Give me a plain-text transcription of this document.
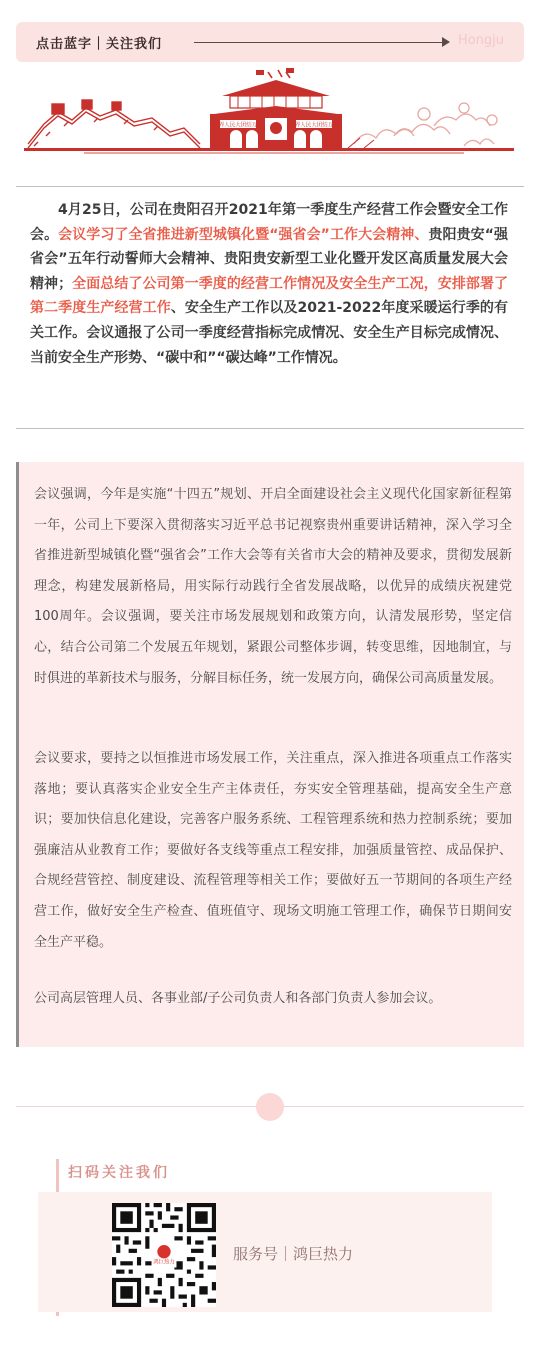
点击蓝字｜关注我们	Hongju
世界人民大团结万岁	世界人民大团结万岁
4月25日，公司在贵阳召开2021年第一季度生产经营工作会暨安全工作会。会议学习了全省推进新型城镇化暨“强省会”工作大会精神、贵阳贵安“强省会”五年行动誓师大会精神、贵阳贵安新型工业化暨开发区高质量发展大会精神；全面总结了公司第一季度的经营工作情况及安全生产工况，安排部署了第二季度生产经营工作、安全生产工作以及2021-2022年度采暖运行季的有关工作。会议通报了公司一季度经营指标完成情况、安全生产目标完成情况、当前安全生产形势、“碳中和”“碳达峰”工作情况。

会议强调，今年是实施“十四五”规划、开启全面建设社会主义现代化国家新征程第一年，公司上下要深入贯彻落实习近平总书记视察贵州重要讲话精神，深入学习全省推进新型城镇化暨“强省会”工作大会等有关省市大会的精神及要求，贯彻发展新理念，构建发展新格局，用实际行动践行全省发展战略，以优异的成绩庆祝建党100周年。会议强调，要关注市场发展规划和政策方向，认清发展形势，坚定信心，结合公司第二个发展五年规划，紧跟公司整体步调，转变思维，因地制宜，与时俱进的革新技术与服务，分解目标任务，统一发展方向，确保公司高质量发展。

会议要求，要持之以恒推进市场发展工作，关注重点，深入推进各项重点工作落实落地；要认真落实企业安全生产主体责任，夯实安全管理基础，提高安全生产意识；要加快信息化建设，完善客户服务系统、工程管理系统和热力控制系统；要加强廉洁从业教育工作；要做好各支线等重点工程安排，加强质量管控、成品保护、合规经营管控、制度建设、流程管理等相关工作；要做好五一节期间的各项生产经营工作，做好安全生产检查、值班值守、现场文明施工管理工作，确保节日期间安全生产平稳。

公司高层管理人员、各事业部/子公司负责人和各部门负责人参加会议。

扫码关注我们
鸿巨热力	服务号｜鸿巨热力
